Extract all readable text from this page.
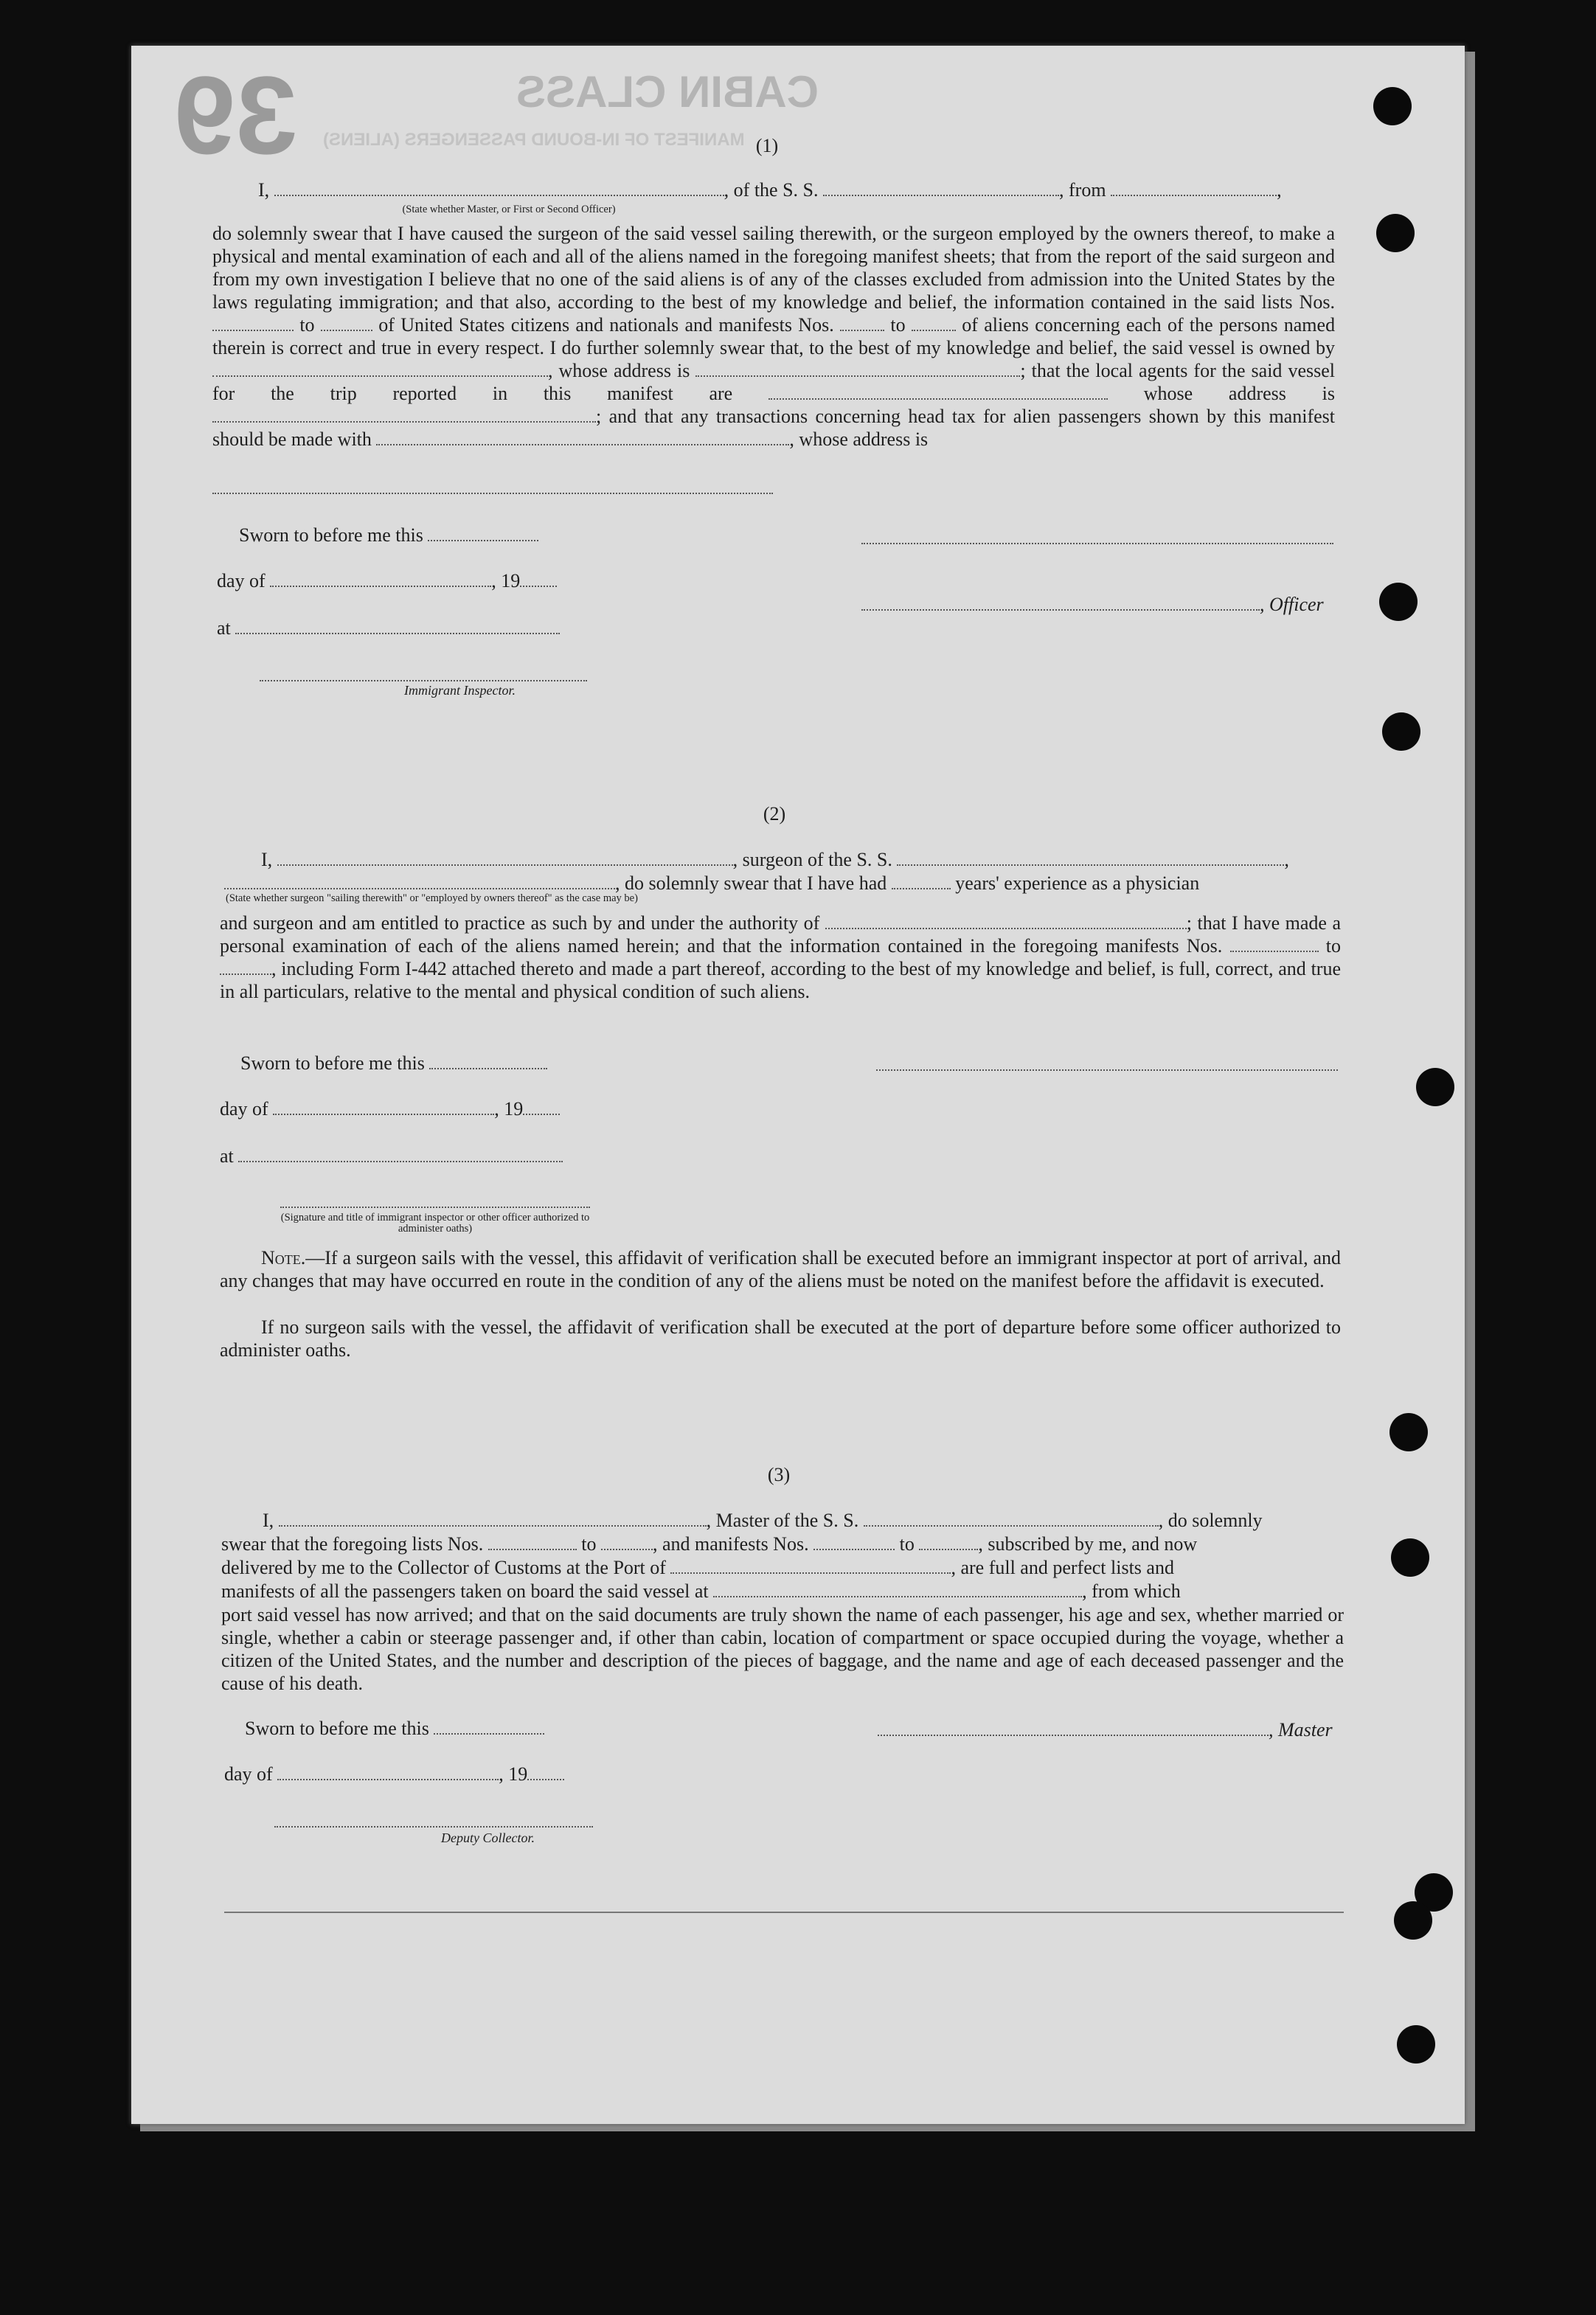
39	CABIN CLASS
MANIFEST OF IN-BOUND PASSENGERS (ALIENS) (1)
I,	, of the S. S.	, from	,
(State whether Master, or First or Second Officer)
do solemnly swear that I have caused the surgeon of the said vessel sailing therewith, or the surgeon employed by the owners thereof, to make a physical and mental examination of each and all of the aliens named in the foregoing manifest sheets; that from the report of the said surgeon and from my own investigation I believe that no one of the said aliens is of any of the classes excluded from admission into the United States by the laws regulating immigration; and that also, according to the best of my knowledge and belief, the information contained in the said lists Nos.  to	of United States citizens and nationals and manifests Nos.	to	of aliens concerning each of the persons named therein is correct and true in every respect. I do further solemnly swear that, to the best of my knowledge and belief, the said vessel is owned by , whose address is	; that the local agents for the said vessel for the trip reported in this manifest are	whose address is ; and that any transactions concerning head tax for alien passengers shown by this manifest should be made with	, whose address is
Sworn to before me this
day of	, 19
, Officer
at
Immigrant Inspector.
(2)
I,	, surgeon of the S. S.	,
, do solemnly swear that I have had	years' experience as a physician
(State whether surgeon "sailing therewith" or "employed by owners thereof" as the case may be)
and surgeon and am entitled to practice as such by and under the authority of	; that I have made a personal examination of each of the aliens named herein; and that the information contained in the foregoing manifests Nos.	to , including Form I-442 attached thereto and made a part thereof, according to the best of my knowledge and belief, is full, correct, and true in all particulars, relative to the mental and physical condition of such aliens.
Sworn to before me this
day of	, 19
at
(Signature and title of immigrant inspector or other officer authorized to administer oaths)
Note.—If a surgeon sails with the vessel, this affidavit of verification shall be executed before an immigrant inspector at port of arrival, and any changes that may have occurred en route in the condition of any of the aliens must be noted on the manifest before the affidavit is executed.
If no surgeon sails with the vessel, the affidavit of verification shall be executed at the port of departure before some officer authorized to administer oaths.
(3)
I,	, Master of the S. S.	, do solemnly
swear that the foregoing lists Nos.	to	, and manifests Nos.	to	, subscribed by me, and now
delivered by me to the Collector of Customs at the Port of	, are full and perfect lists and
manifests of all the passengers taken on board the said vessel at	, from which
port said vessel has now arrived; and that on the said documents are truly shown the name of each passenger, his age and sex, whether married or single, whether a cabin or steerage passenger and, if other than cabin, location of compartment or space occupied during the voyage, whether a citizen of the United States, and the number and description of the pieces of baggage, and the name and age of each deceased passenger and the cause of his death.
Sworn to before me this	, Master
day of	, 19
Deputy Collector.
